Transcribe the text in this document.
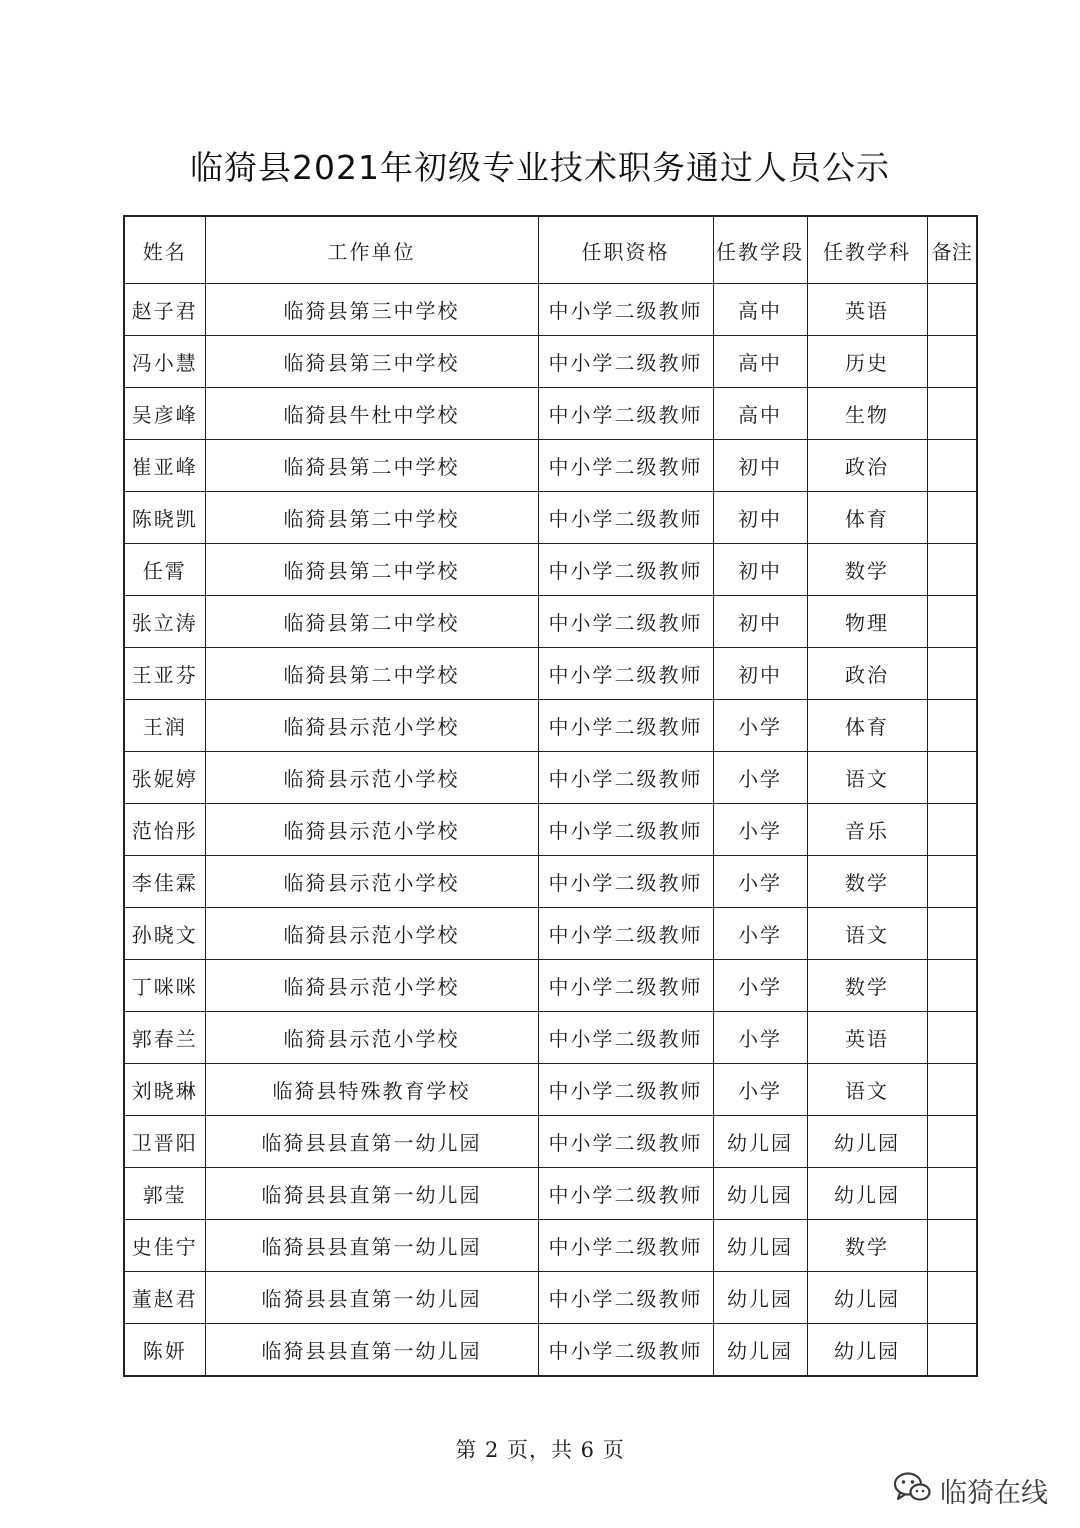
临猗县2021年初级专业技术职务通过人员公示
姓名	工作单位	任职资格	任教学段	任教学科	备注
赵子君	临猗县第三中学校	中小学二级教师	高中	英语	
冯小慧	临猗县第三中学校	中小学二级教师	高中	历史	
吴彦峰	临猗县牛杜中学校	中小学二级教师	高中	生物	
崔亚峰	临猗县第二中学校	中小学二级教师	初中	政治	
陈晓凯	临猗县第二中学校	中小学二级教师	初中	体育	
任霄	临猗县第二中学校	中小学二级教师	初中	数学	
张立涛	临猗县第二中学校	中小学二级教师	初中	物理	
王亚芬	临猗县第二中学校	中小学二级教师	初中	政治	
王润	临猗县示范小学校	中小学二级教师	小学	体育	
张妮婷	临猗县示范小学校	中小学二级教师	小学	语文	
范怡彤	临猗县示范小学校	中小学二级教师	小学	音乐	
李佳霖	临猗县示范小学校	中小学二级教师	小学	数学	
孙晓文	临猗县示范小学校	中小学二级教师	小学	语文	
丁咪咪	临猗县示范小学校	中小学二级教师	小学	数学	
郭春兰	临猗县示范小学校	中小学二级教师	小学	英语	
刘晓琳	临猗县特殊教育学校	中小学二级教师	小学	语文	
卫晋阳	临猗县县直第一幼儿园	中小学二级教师	幼儿园	幼儿园	
郭莹	临猗县县直第一幼儿园	中小学二级教师	幼儿园	幼儿园	
史佳宁	临猗县县直第一幼儿园	中小学二级教师	幼儿园	数学	
董赵君	临猗县县直第一幼儿园	中小学二级教师	幼儿园	幼儿园	
陈妍	临猗县县直第一幼儿园	中小学二级教师	幼儿园	幼儿园	
第 2 页，共 6 页
临猗在线
